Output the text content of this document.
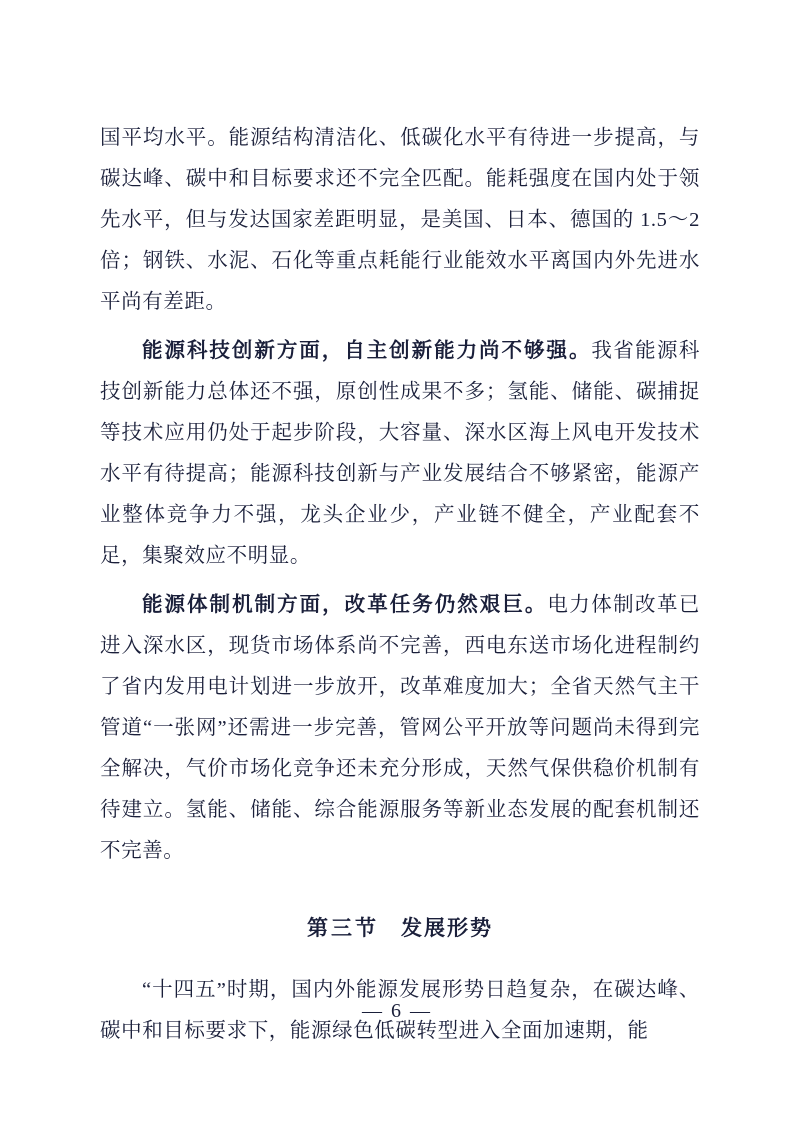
国平均水平。能源结构清洁化、低碳化水平有待进一步提高，与碳达峰、碳中和目标要求还不完全匹配。能耗强度在国内处于领先水平，但与发达国家差距明显，是美国、日本、德国的 1.5～2 倍；钢铁、水泥、石化等重点耗能行业能效水平离国内外先进水平尚有差距。

能源科技创新方面，自主创新能力尚不够强。我省能源科技创新能力总体还不强，原创性成果不多；氢能、储能、碳捕捉等技术应用仍处于起步阶段，大容量、深水区海上风电开发技术水平有待提高；能源科技创新与产业发展结合不够紧密，能源产业整体竞争力不强，龙头企业少，产业链不健全，产业配套不足，集聚效应不明显。

能源体制机制方面，改革任务仍然艰巨。电力体制改革已进入深水区，现货市场体系尚不完善，西电东送市场化进程制约了省内发用电计划进一步放开，改革难度加大；全省天然气主干管道“一张网”还需进一步完善，管网公平开放等问题尚未得到完全解决，气价市场化竞争还未充分形成，天然气保供稳价机制有待建立。氢能、储能、综合能源服务等新业态发展的配套机制还不完善。

第三节 发展形势

“十四五”时期，国内外能源发展形势日趋复杂，在碳达峰、碳中和目标要求下，能源绿色低碳转型进入全面加速期，能

— 6 —
